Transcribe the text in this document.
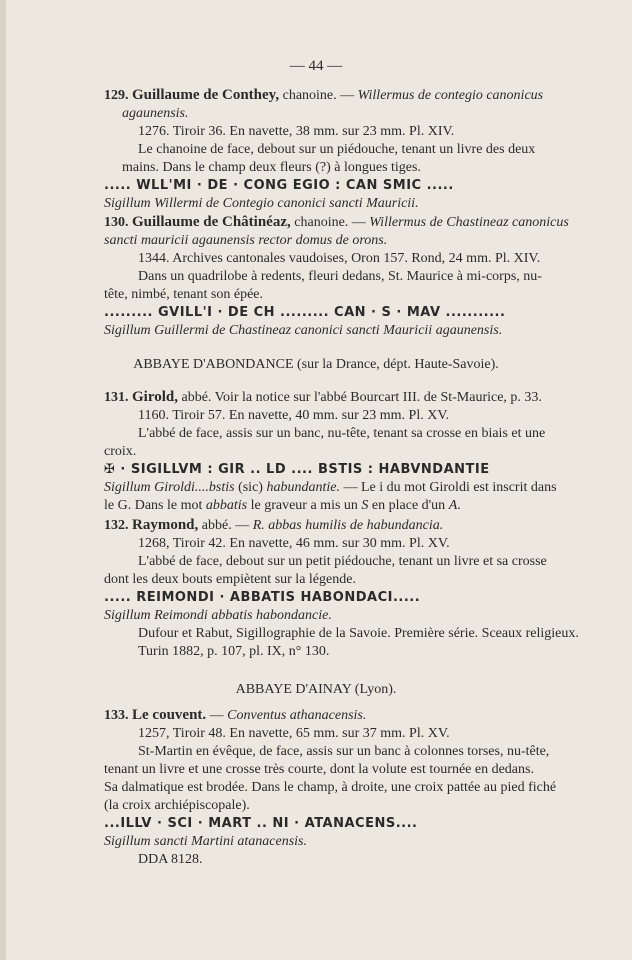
— 44 —
129. Guillaume de Conthey, chanoine. — Willermus de contegio canonicus
agaunensis.
1276. Tiroir 36. En navette, 38 mm. sur 23 mm. Pl. XIV.
Le chanoine de face, debout sur un piédouche, tenant un livre des deux
mains. Dans le champ deux fleurs (?) à longues tiges.
..... WLL'MI · DE · CONG EGIO : CAN SMIC .....
Sigillum Willermi de Contegio canonici sancti Mauricii.
130. Guillaume de Châtinéaz, chanoine. — Willermus de Chastineaz canonicus
sancti mauricii agaunensis rector domus de orons.
1344. Archives cantonales vaudoises, Oron 157. Rond, 24 mm. Pl. XIV.
Dans un quadrilobe à redents, fleuri dedans, St. Maurice à mi-corps, nu-
tête, nimbé, tenant son épée.
......... GVILL'I · DE CH ......... CAN · S · MAV ...........
Sigillum Guillermi de Chastineaz canonici sancti Mauricii agaunensis.
ABBAYE D'ABONDANCE (sur la Drance, dépt. Haute-Savoie).
131. Girold, abbé. Voir la notice sur l'abbé Bourcart III. de St-Maurice, p. 33.
1160. Tiroir 57. En navette, 40 mm. sur 23 mm. Pl. XV.
L'abbé de face, assis sur un banc, nu-tête, tenant sa crosse en biais et une
croix.
✠ · SIGILLVM : GIR .. LD .... BSTIS : HABVNDANTIE
Sigillum Giroldi....bstis (sic) habundantie. — Le i du mot Giroldi est inscrit dans
le G. Dans le mot abbatis le graveur a mis un S en place d'un A.
132. Raymond, abbé. — R. abbas humilis de habundancia.
1268, Tiroir 42. En navette, 46 mm. sur 30 mm. Pl. XV.
L'abbé de face, debout sur un petit piédouche, tenant un livre et sa crosse
dont les deux bouts empiètent sur la légende.
..... REIMONDI · ABBATIS HABONDACI.....
Sigillum Reimondi abbatis habondancie.
Dufour et Rabut, Sigillographie de la Savoie. Première série. Sceaux religieux.
Turin 1882, p. 107, pl. IX, n° 130.
ABBAYE D'AINAY (Lyon).
133. Le couvent. — Conventus athanacensis.
1257, Tiroir 48. En navette, 65 mm. sur 37 mm. Pl. XV.
St-Martin en évêque, de face, assis sur un banc à colonnes torses, nu-tête,
tenant un livre et une crosse très courte, dont la volute est tournée en dedans.
Sa dalmatique est brodée. Dans le champ, à droite, une croix pattée au pied fiché
(la croix archiépiscopale).
...ILLV · SCI · MART .. NI · ATANACENS....
Sigillum sancti Martini atanacensis.
DDA 8128.
